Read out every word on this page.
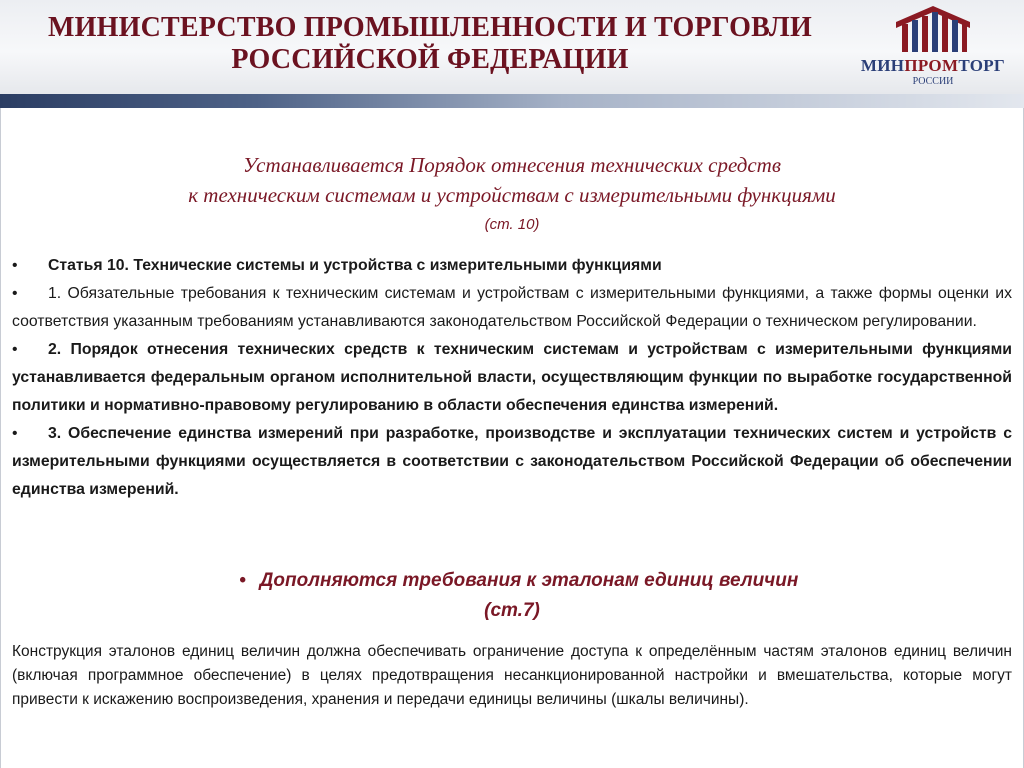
МИНИСТЕРСТВО ПРОМЫШЛЕННОСТИ И ТОРГОВЛИ
РОССИЙСКОЙ ФЕДЕРАЦИИ	МИНПРОМТОРГ
РОССИИ
Устанавливается Порядок отнесения технических средств
к техническим системам и устройствам с измерительными функциями
(ст. 10)

• Статья 10. Технические системы и устройства с измерительными функциями

• 1. Обязательные требования к техническим системам и устройствам с измерительными функциями, а также формы оценки их соответствия указанным требованиям устанавливаются законодательством Российской Федерации о техническом регулировании.

• 2. Порядок отнесения технических средств к техническим системам и устройствам с измерительными функциями устанавливается федеральным органом исполнительной власти, осуществляющим функции по выработке государственной политики и нормативно-правовому регулированию в области обеспечения единства измерений.

• 3. Обеспечение единства измерений при разработке, производстве и эксплуатации технических систем и устройств с измерительными функциями осуществляется в соответствии с законодательством Российской Федерации об обеспечении единства измерений.

• Дополняются требования к эталонам единиц величин
(ст.7)
Конструкция эталонов единиц величин должна обеспечивать ограничение доступа к определённым частям эталонов единиц величин (включая программное обеспечение) в целях предотвращения несанкционированной настройки и вмешательства, которые могут привести к искажению воспроизведения, хранения и передачи единицы величины (шкалы величины).
